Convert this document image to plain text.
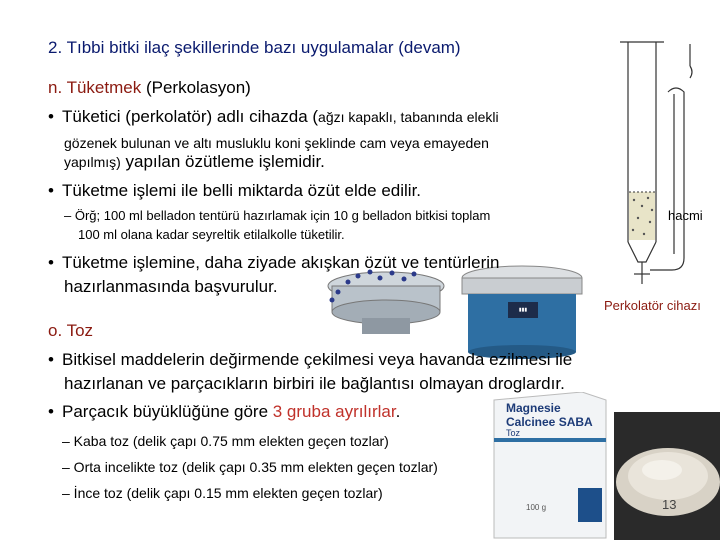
2. Tıbbi bitki ilaç şekillerinde bazı uygulamalar (devam)
n. Tüketmek (Perkolasyon)
• Tüketici (perkolatör) adlı cihazda (ağzı kapaklı, tabanında elekli
gözenek bulunan ve altı musluklu koni şeklinde cam veya emayeden
yapılmış) yapılan özütleme işlemidir.
• Tüketme işlemi ile belli miktarda özüt elde edilir.
– Örğ; 100 ml belladon tentürü hazırlamak için 10 g belladon bitkisi toplam	hacmi
100 ml olana kadar seyreltik etilalkolle tüketilir.
▮▮▮
• Tüketme işlemine, daha ziyade akışkan özüt ve tentürlerin
hazırlanmasında başvurulur.
Perkolatör cihazı
o. Toz
• Bitkisel maddelerin değirmende çekilmesi veya havanda ezilmesi ile
hazırlanan ve parçacıkların birbiri ile bağlantısı olmayan droglardır.
• Parçacık büyüklüğüne göre 3 gruba ayrılırlar.	Magnesie
Calcinee SABA
Toz
100 g
– Kaba toz (delik çapı 0.75 mm elekten geçen tozlar)
– Orta incelikte toz (delik çapı 0.35 mm elekten geçen tozlar)
– İnce toz (delik çapı 0.15 mm elekten geçen tozlar)
13
